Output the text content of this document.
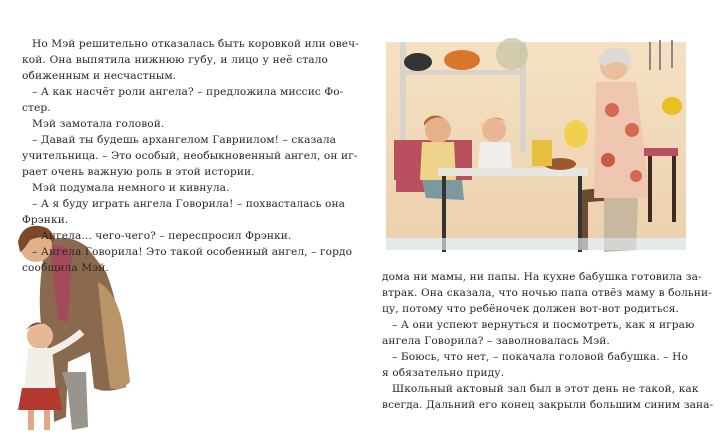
Но Мэй решительно отказалась быть коровкой или овеч-
кой. Она выпятила нижнюю губу, и лицо у неё стало
обиженным и несчастным.
– А как насчёт роли ангела? – предложила миссис Фо-
стер.
Мэй замотала головой.
– Давай ты будешь архангелом Гавриилом! – сказала
учительница. – Это особый, необыкновенный ангел, он иг-
рает очень важную роль в этой истории.
Мэй подумала немного и кивнула.
– А я буду играть ангела Говорила! – похвасталась она
Фрэнки.
– Ангела... чего-чего? – переспросил Фрэнки.
– Ангела Говорила! Это такой особенный ангел, – гордо
сообщила Мэй.
дома ни мамы, ни папы. На кухне бабушка готовила за-
втрак. Она сказала, что ночью папа отвёз маму в больни-
цу, потому что ребёночек должен вот-вот родиться.
– А они успеют вернуться и посмотреть, как я играю
ангела Говорила? – заволновалась Мэй.
– Боюсь, что нет, – покачала головой бабушка. – Но
я обязательно приду.
Школьный актовый зал был в этот день не такой, как
всегда. Дальний его конец закрыли большим синим зана-
